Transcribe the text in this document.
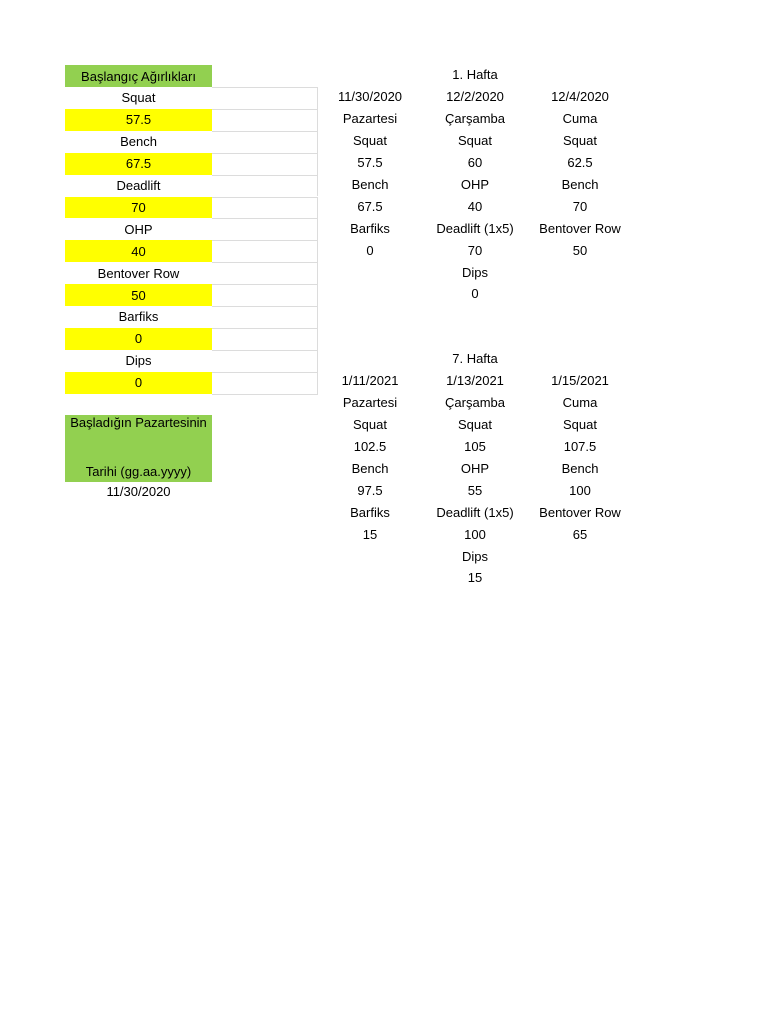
Başlangıç Ağırlıkları
Squat
57.5
Bench
67.5
Deadlift
70
OHP
40
Bentover Row
50
Barfiks
0
Dips
0
Başladığın Pazartesinin
Tarihi (gg.aa.yyyy)
11/30/2020
1. Hafta
11/30/2020
Pazartesi
Squat
57.5
Bench
67.5
Barfiks
0
12/2/2020
Çarşamba
Squat
60
OHP
40
Deadlift (1x5)
70
Dips
0
12/4/2020
Cuma
Squat
62.5
Bench
70
Bentover Row
50
7. Hafta
1/11/2021
Pazartesi
Squat
102.5
Bench
97.5
Barfiks
15
1/13/2021
Çarşamba
Squat
105
OHP
55
Deadlift (1x5)
100
Dips
15
1/15/2021
Cuma
Squat
107.5
Bench
100
Bentover Row
65
